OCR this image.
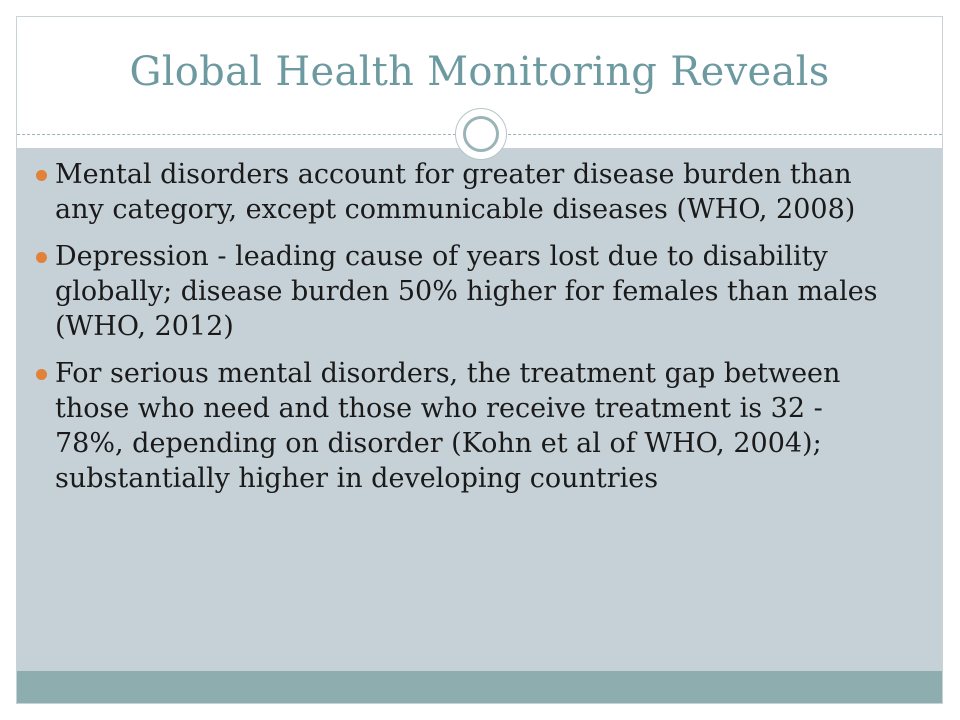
Global Health Monitoring Reveals
Mental disorders account for greater disease burden than any category, except communicable diseases (WHO, 2008)
Depression - leading cause of years lost due to disability globally; disease burden 50% higher for females than males (WHO, 2012)
For serious mental disorders, the treatment gap between those who need and those who receive treatment is 32 - 78%, depending on disorder (Kohn et al of WHO, 2004); substantially higher in developing countries
